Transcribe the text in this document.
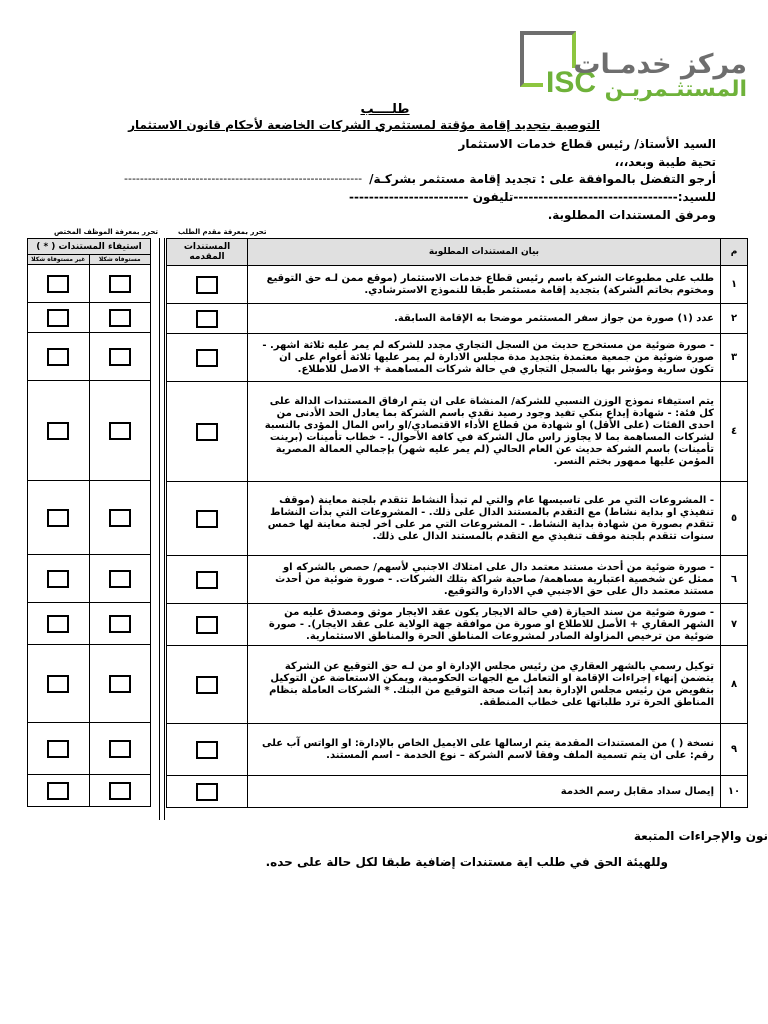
ISC
مركز خدمـات
المستثـمريـن
طلــــب
التوصية بتجديد إقامة مؤقتة لمستثمري الشركات الخاضعة لأحكام قانون الاستثمار
السيد الأستاذ/ رئيس قطاع خدمات الاستثمار
تحية طيبة وبعد،،،
أرجو التفضل بالموافقة على : تجديد إقامة مستثمر بشركـة/
------------------------------------------------------------
للسيد:---------------------------------تليفون ------------------------
ومرفق المستندات المطلوبة.
تحرر بمعرفة الموظف المختص	تحرر بمعرفة مقدم الطلب
م	بيان المستندات المطلوبة	المستندات المقدمه
١	طلب على مطبوعات الشركة باسم رئيس قطاع خدمات الاستثمار (موقع ممن لـه حق التوقيع ومختوم بخاتم الشركة) بتجديد إقامة مستثمر طبقا للنموذج الاسترشادي.	
٢	عدد (١) صورة من جواز سفر المستثمر موضحا به الإقامة السابقة.	
٣	- صورة ضوئية من مستخرج حديث من السجل التجاري مجدد للشركه لم يمر عليه ثلاثة اشهر. - صورة ضوئية من جمعية معتمدة بتجديد مدة مجلس الادارة لم يمر عليها ثلاثة أعوام على ان تكون سارية ومؤشر بها بالسجل التجاري في حالة شركات المساهمة + الاصل للاطلاع.	
٤	يتم استيفاء نموذج الوزن النسبي للشركة/ المنشاة على ان يتم ارفاق المستندات الدالة على كل فئة: - شهادة إيداع بنكي تفيد وجود رصيد نقدي باسم الشركة بما يعادل الحد الأدنى من احدى الفئات (على الأقل) او شهادة من قطاع الأداء الاقتصادي/او راس المال المؤدى بالنسبة لشركات المساهمة بما لا يجاوز راس مال الشركة في كافة الأحوال. - خطاب تأمينات (برينت تأمينات) باسم الشركة حديث عن العام الحالي (لم يمر عليه شهر) بإجمالي العمالة المصرية المؤمن عليها ممهور بختم النسر.	
٥	- المشروعات التي مر على تاسيسها عام والتي لم تبدأ النشاط تتقدم بلجنة معاينة (موقف تنفيذي او بداية نشاط) مع التقدم بالمستند الدال على ذلك. - المشروعات التي بدأت النشاط تتقدم بصورة من شهادة بداية النشاط. - المشروعات التي مر على اخر لجنة معاينة لها خمس سنوات تتقدم بلجنة موقف تنفيذي مع التقدم بالمستند الدال على ذلك.	
٦	- صورة ضوئية من أحدث مستند معتمد دال على امتلاك الاجنبي لأسهم/ حصص بالشركه او ممثل عن شخصية اعتبارية مساهمة/ صاحبة شراكة بتلك الشركات. - صورة ضوئية من أحدث مستند معتمد دال على حق الاجنبي في الادارة والتوقيع.	
٧	- صورة ضوئية من سند الحيازة (في حالة الايجار يكون عقد الايجار موثق ومصدق عليه من الشهر العقاري + الأصل للاطلاع او صورة من موافقة جهة الولاية على عقد الايجار). - صورة ضوئية من ترخيص المزاولة الصادر لمشروعات المناطق الحرة والمناطق الاستثمارية.	
٨	توكيل رسمي بالشهر العقاري من رئيس مجلس الإدارة او من لـه حق التوقيع عن الشركة يتضمن إنهاء إجراءات الإقامة او التعامل مع الجهات الحكومية، ويمكن الاستعاضة عن التوكيل بتفويض من رئيس مجلس الإدارة بعد إثبات صحة التوقيع من البنك. * الشركات العاملة بنظام المناطق الحرة ترد طلباتها على خطاب المنطقة.	
٩	نسخة ( ) من المستندات المقدمة يتم ارسالها على الايميل الخاص بالإدارة: او الواتس آب على رقم: على ان يتم تسمية الملف وفقا لاسم الشركة – نوع الخدمة - اسم المستند.	
١٠	إيصال سداد مقابل رسم الخدمة	
استيفاء المستندات ( * )	
مستوفاه شكلا	غير مستوفاه شكلا

نون والإجراءات المتبعة
وللهيئة الحق في طلب اية مستندات إضافية طبقا لكل حالة على حده.
